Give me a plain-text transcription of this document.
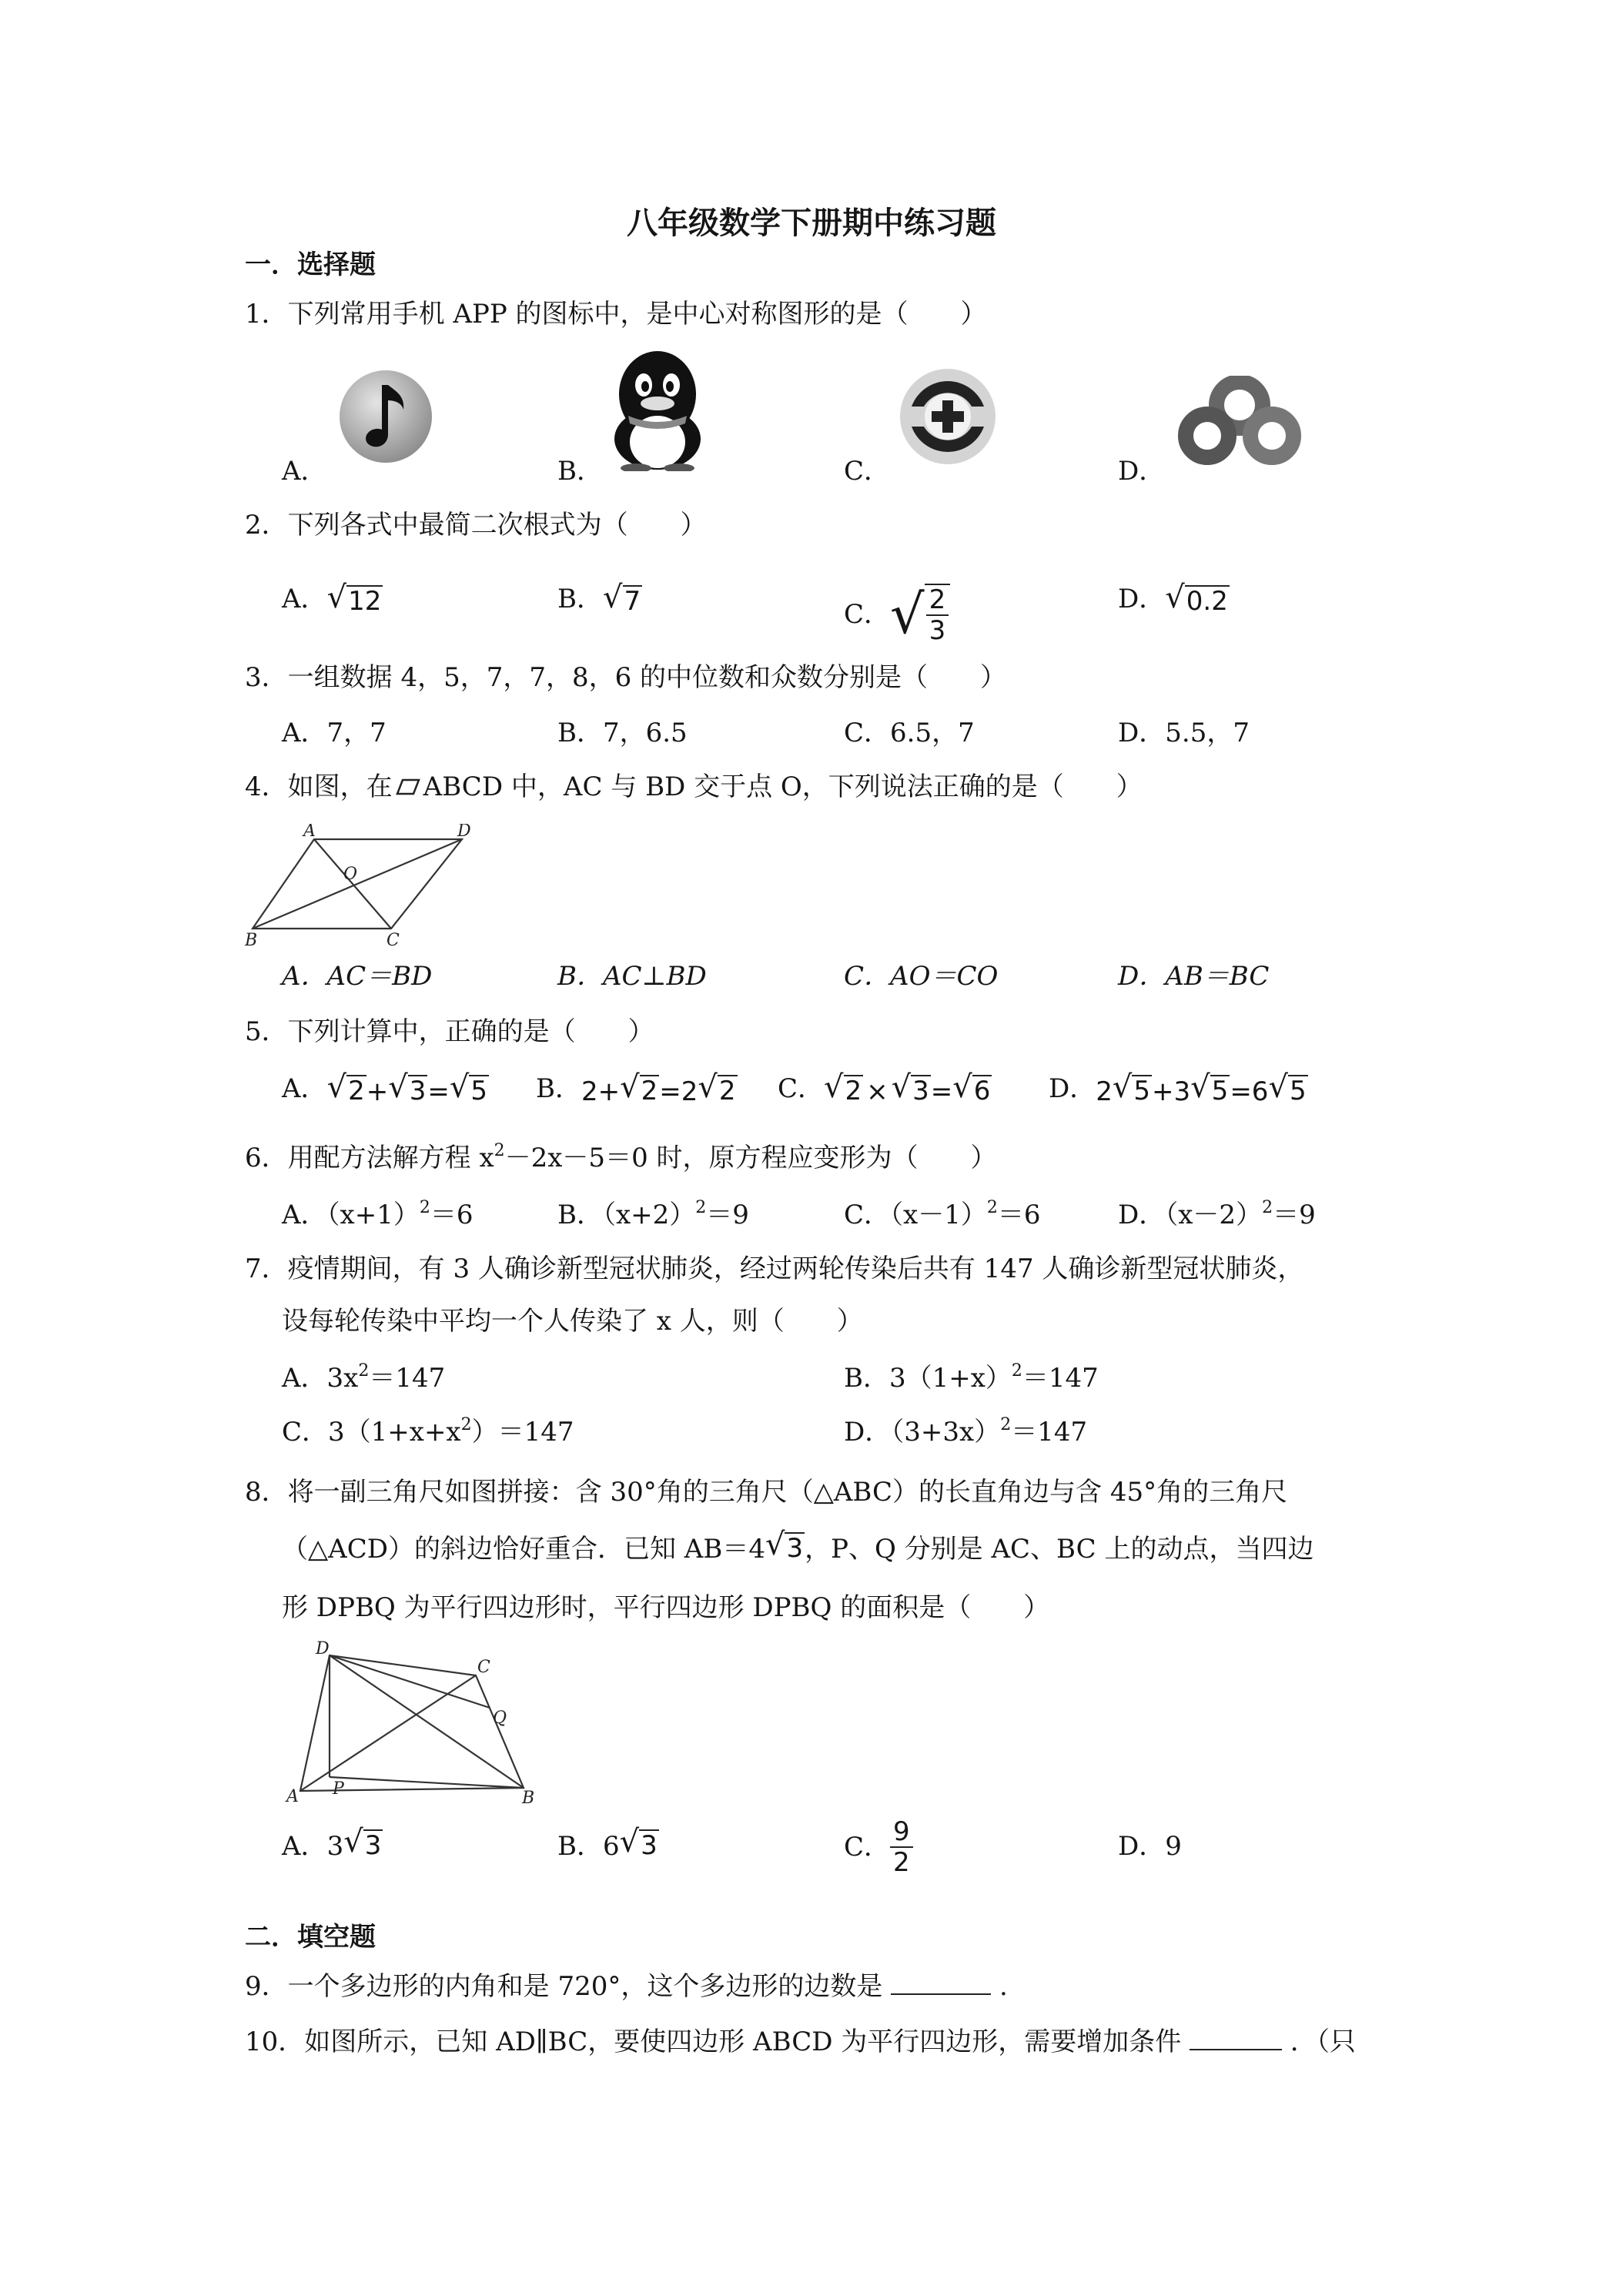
八年级数学下册期中练习题
一．选择题
1．下列常用手机 APP 的图标中，是中心对称图形的是（　　）
A．	B．	C．	D．
2．下列各式中最简二次根式为（　　）
A． √ 12	B． √ 7	C． √ $\frac{2}{3}$	D． √ 0.2
3．一组数据 4，5，7，7，8，6 的中位数和众数分别是（　　）
A．7，7	B．7，6.5	C．6.5，7	D．5.5，7
4．如图，在 ABCD 中，AC 与 BD 交于点 O，下列说法正确的是（　　）
A	D
O
B	C
A．AC＝BD	B．AC⊥BD	C．AO＝CO	D．AB＝BC
5．下列计算中，正确的是（　　）
A． √ 2 + √ 3 = √ 5 B． 2+ √ 2 =2 √ 2 C． √ 2 × √ 3 = √ 6 D． 2 √ 5 +3 √ 5 =6 √ 5
6．用配方法解方程 $x^2-2x-5=0$ 时，原方程应变形为（　　）
A．$(x+1)^2=6$	B．$(x+2)^2=9$	C．$(x-1)^2=6$	D．$(x-2)^2=9$
7．疫情期间，有 3 人确诊新型冠状肺炎，经过两轮传染后共有 147 人确诊新型冠状肺炎，
设每轮传染中平均一个人传染了 x 人，则（　　）
A．$3x^2=147$	B．$3(1+x)^2=147$
C．$3(1+x+x^2)=147$	D．$(3+3x)^2=147$
8．将一副三角尺如图拼接：含 30°角的三角尺（△ABC）的长直角边与含 45°角的三角尺
（△ACD）的斜边恰好重合．已知 AB＝4 √ 3 ，P、Q 分别是 AC、BC 上的动点，当四边
形 DPBQ 为平行四边形时，平行四边形 DPBQ 的面积是（　　）
D
C
Q
A P	B
A． 3 √ 3	B． 6 √ 3	C． $\frac{9}{2}$	D．9
二．填空题
9．一个多边形的内角和是 720°，这个多边形的边数是	.
10．如图所示，已知 AD∥BC，要使四边形 ABCD 为平行四边形，需要增加条件	．（只
